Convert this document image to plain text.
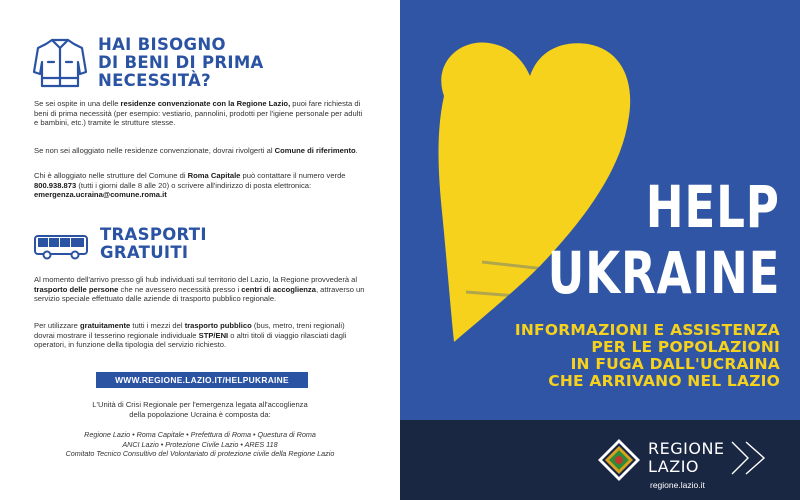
HAI BISOGNO
DI BENI DI PRIMA
NECESSITÀ?
Se sei ospite in una delle residenze convenzionate con la Regione Lazio, puoi fare richiesta di beni di prima necessità (per esempio: vestiario, pannolini, prodotti per l'igiene personale per adulti e bambini, etc.) tramite le strutture stesse.
Se non sei alloggiato nelle residenze convenzionate, dovrai rivolgerti al Comune di riferimento.
Chi è alloggiato nelle strutture del Comune di Roma Capitale può contattare il numero verde 800.938.873 (tutti i giorni dalle 8 alle 20) o scrivere all'indirizzo di posta elettronica: emergenza.ucraina@comune.roma.it
TRASPORTI
GRATUITI
Al momento dell'arrivo presso gli hub individuati sul territorio del Lazio, la Regione provvederà al trasporto delle persone che ne avessero necessità presso i centri di accoglienza, attraverso un servizio speciale effettuato dalle aziende di trasporto pubblico regionale.
Per utilizzare gratuitamente tutti i mezzi del trasporto pubblico (bus, metro, treni regionali) dovrai mostrare il tesserino regionale individuale STP/ENI o altri titoli di viaggio rilasciati dagli operatori, in funzione della tipologia del servizio richiesto.
WWW.REGIONE.LAZIO.IT/HELPUKRAINE
L'Unità di Crisi Regionale per l'emergenza legata all'accoglienza
della popolazione Ucraina è composta da:
Regione Lazio • Roma Capitale • Prefettura di Roma • Questura di Roma
ANCI Lazio • Protezione Civile Lazio • ARES 118
Comitato Tecnico Consultivo del Volontariato di protezione civile della Regione Lazio
HELP
UKRAINE
INFORMAZIONI E ASSISTENZA
PER LE POPOLAZIONI
IN FUGA DALL'UCRAINA
CHE ARRIVANO NEL LAZIO
REGIONE
LAZIO
regione.lazio.it
